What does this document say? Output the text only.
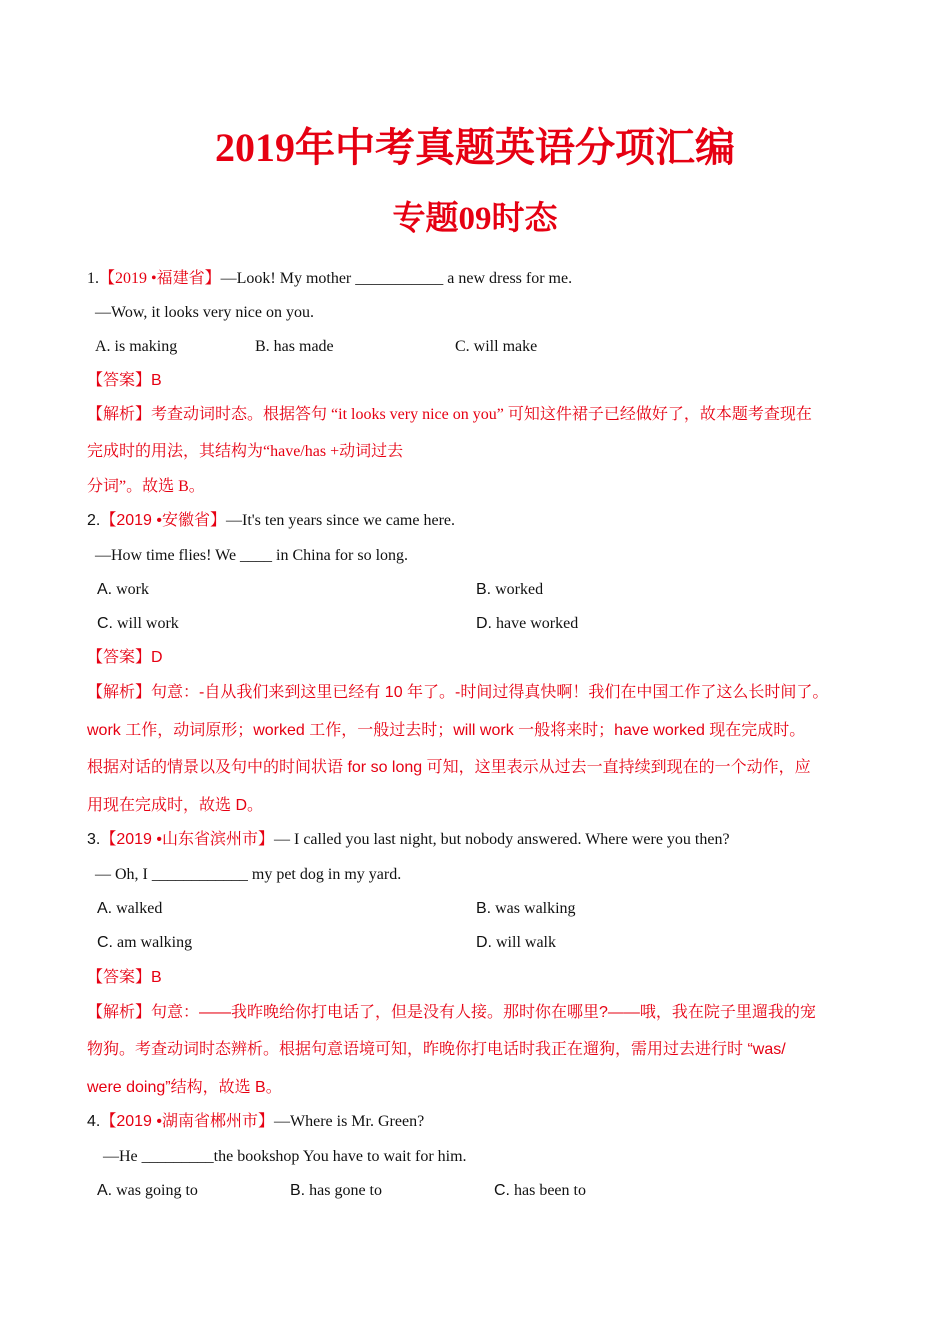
2019年中考真题英语分项汇编
专题09时态
1.【2019 •福建省】—Look! My mother ___________ a new dress for me.
—Wow, it looks very nice on you.
A. is making	B. has made	C. will make
【答案】B
【解析】考查动词时态。根据答句 “it looks very nice on you” 可知这件裙子已经做好了，故本题考查现在
完成时的用法，其结构为“have/has +动词过去
分词”。故选 B。
2.【2019 •安徽省】—It's ten years since we came here.
—How time flies! We ____ in China for so long.
A. work	B. worked
C. will work	D. have worked
【答案】D
【解析】句意：-自从我们来到这里已经有 10 年了。-时间过得真快啊！我们在中国工作了这么长时间了。
work 工作，动词原形；worked 工作，一般过去时；will work 一般将来时；have worked 现在完成时。
根据对话的情景以及句中的时间状语 for so long 可知，这里表示从过去一直持续到现在的一个动作，应
用现在完成时，故选 D。
3.【2019 •山东省滨州市】— I called you last night, but nobody answered. Where were you then?
— Oh, I ____________ my pet dog in my yard.
A. walked	B. was walking
C. am walking	D. will walk
【答案】B
【解析】句意：——我昨晚给你打电话了，但是没有人接。那时你在哪里?——哦，我在院子里遛我的宠
物狗。考查动词时态辨析。根据句意语境可知，昨晚你打电话时我正在遛狗，需用过去进行时 “was/
were doing”结构，故选 B。
4.【2019 •湖南省郴州市】—Where is Mr. Green?
—He _________the bookshop You have to wait for him.
A. was going to	B. has gone to	C. has been to
